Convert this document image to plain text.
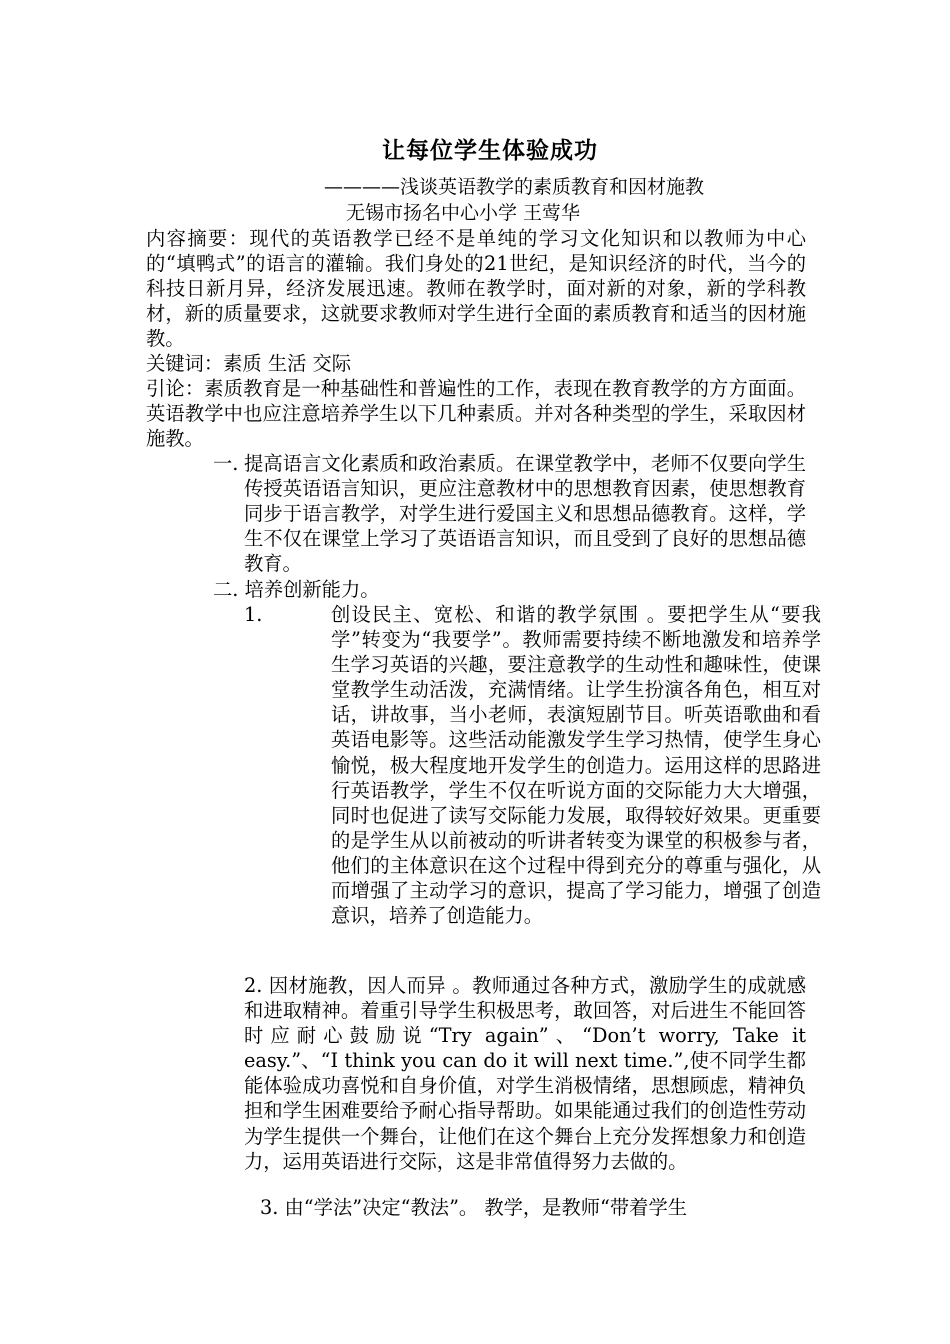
让每位学生体验成功
————浅谈英语教学的素质教育和因材施教
无锡市扬名中心小学 王莺华
内容摘要：现代的英语教学已经不是单纯的学习文化知识和以教师为中心的“填鸭式”的语言的灌输。我们身处的21世纪，是知识经济的时代，当今的科技日新月异，经济发展迅速。教师在教学时，面对新的对象，新的学科教材，新的质量要求，这就要求教师对学生进行全面的素质教育和适当的因材施教。
关键词：素质 生活 交际
引论：素质教育是一种基础性和普遍性的工作，表现在教育教学的方方面面。英语教学中也应注意培养学生以下几种素质。并对各种类型的学生，采取因材施教。
一. 提高语言文化素质和政治素质。在课堂教学中，老师不仅要向学生传授英语语言知识，更应注意教材中的思想教育因素，使思想教育同步于语言教学，对学生进行爱国主义和思想品德教育。这样，学生不仅在课堂上学习了英语语言知识，而且受到了良好的思想品德教育。
二. 培养创新能力。
1.	创设民主、宽松、和谐的教学氛围 。要把学生从“要我学”转变为“我要学”。教师需要持续不断地激发和培养学生学习英语的兴趣，要注意教学的生动性和趣味性，使课堂教学生动活泼，充满情绪。让学生扮演各角色，相互对话，讲故事，当小老师，表演短剧节目。听英语歌曲和看英语电影等。这些活动能激发学生学习热情，使学生身心愉悦，极大程度地开发学生的创造力。运用这样的思路进行英语教学，学生不仅在听说方面的交际能力大大增强，同时也促进了读写交际能力发展，取得较好效果。更重要的是学生从以前被动的听讲者转变为课堂的积极参与者，他们的主体意识在这个过程中得到充分的尊重与强化，从而增强了主动学习的意识，提高了学习能力，增强了创造意识，培养了创造能力。
2. 因材施教，因人而异 。教师通过各种方式，激励学生的成就感和进取精神。着重引导学生积极思考，敢回答，对后进生不能回答时应耐心鼓励说“Try again”、“Don’t worry, Take it easy.”、“I think you can do it will next time.”,使不同学生都能体验成功喜悦和自身价值，对学生消极情绪，思想顾虑，精神负担和学生困难要给予耐心指导帮助。如果能通过我们的创造性劳动为学生提供一个舞台，让他们在这个舞台上充分发挥想象力和创造力，运用英语进行交际，这是非常值得努力去做的。
3. 由“学法”决定“教法”。 教学，是教师“带着学生
